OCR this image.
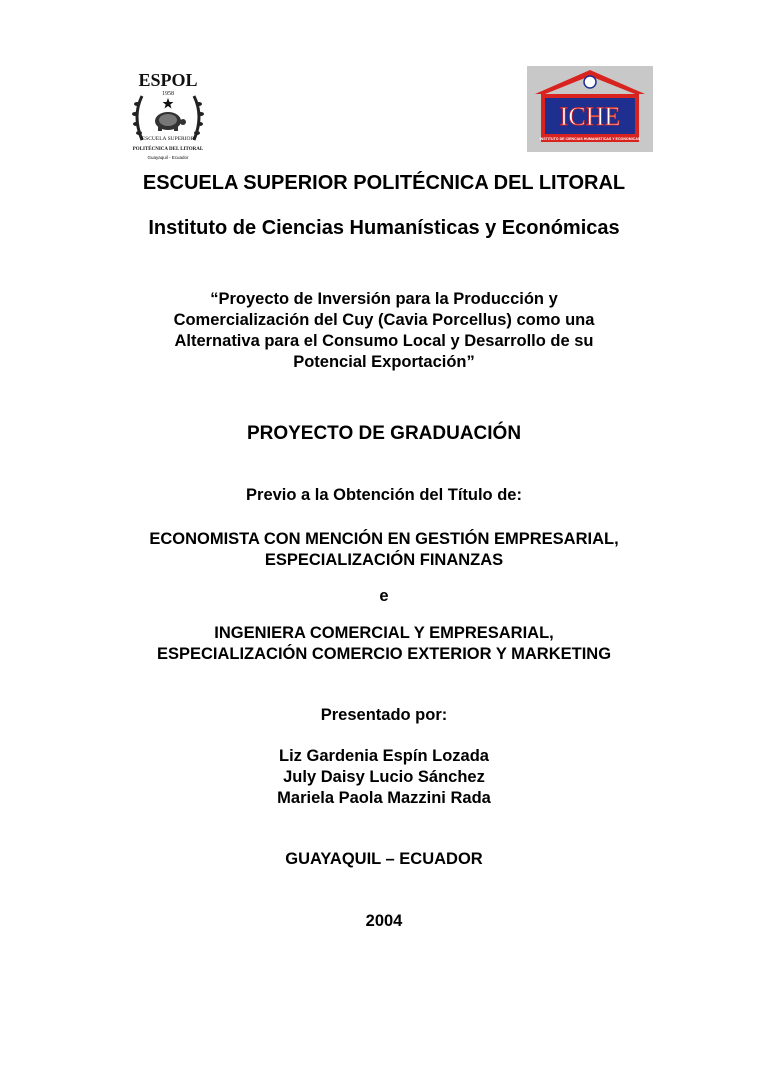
ESPOL
1958
ESCUELA SUPERIOR
POLITÉCNICA DEL LITORAL
Guayaquil - Ecuador
ICHE
INSTITUTO DE CIENCIAS HUMANISTICAS Y ECONOMICAS
ESCUELA SUPERIOR POLITÉCNICA DEL LITORAL
Instituto de Ciencias Humanísticas y Económicas
“Proyecto de Inversión para la Producción y
Comercialización del Cuy (Cavia Porcellus) como una
Alternativa para el Consumo Local y Desarrollo de su
Potencial Exportación”
PROYECTO DE GRADUACIÓN
Previo a la Obtención del Título de:
ECONOMISTA CON MENCIÓN EN GESTIÓN EMPRESARIAL,
ESPECIALIZACIÓN FINANZAS
e
INGENIERA COMERCIAL Y EMPRESARIAL,
ESPECIALIZACIÓN COMERCIO EXTERIOR Y MARKETING
Presentado por:
Liz Gardenia Espín Lozada
July Daisy Lucio Sánchez
Mariela Paola Mazzini Rada
GUAYAQUIL – ECUADOR
2004
